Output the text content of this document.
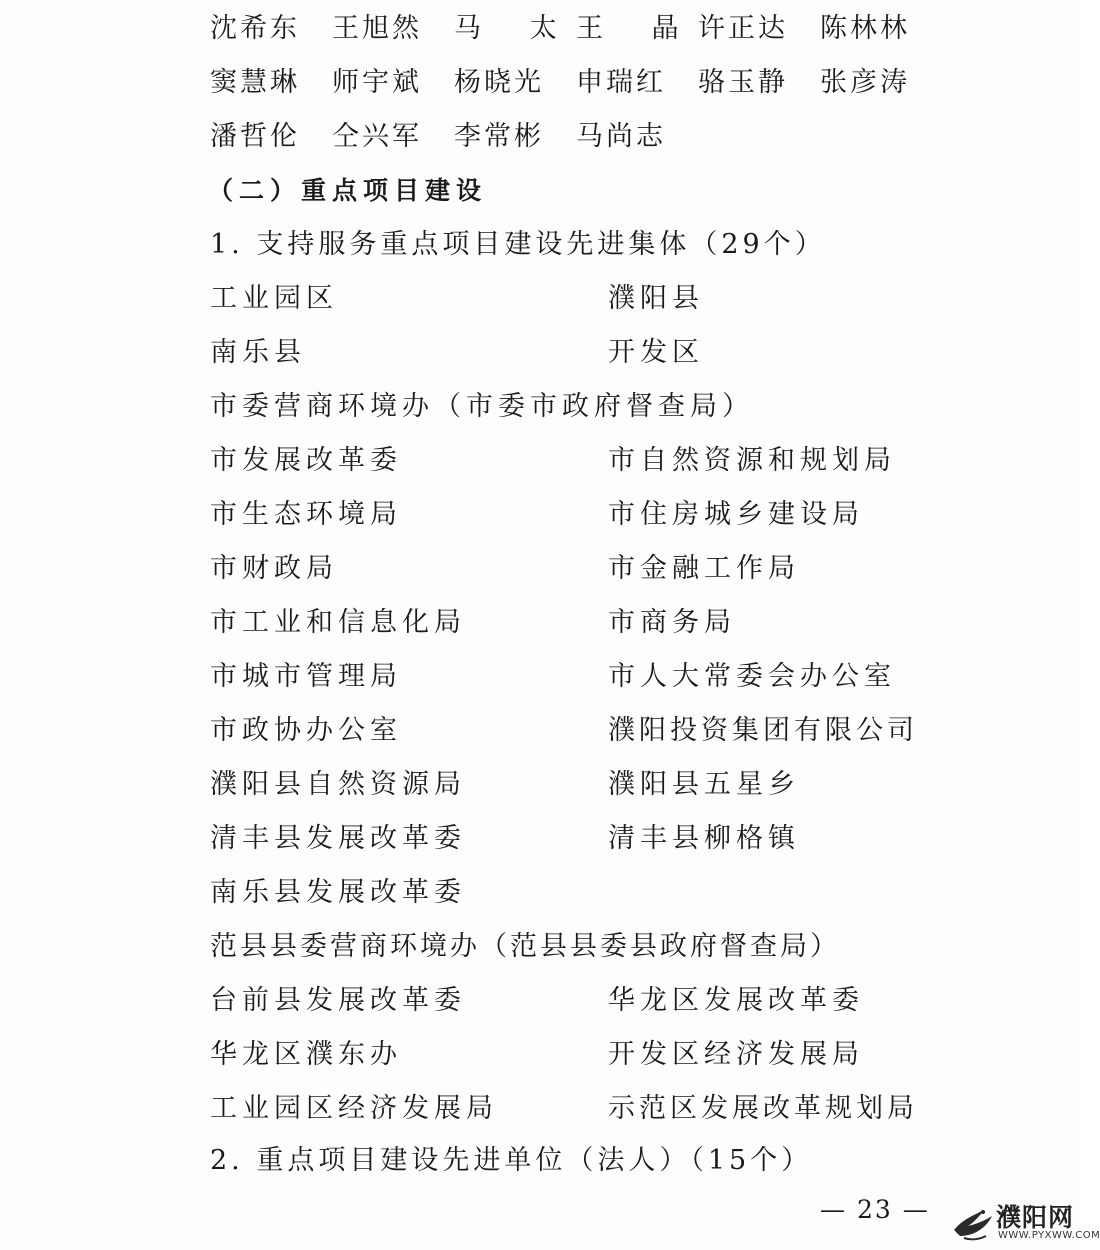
沈希东 王旭然 马 太 王 晶 许正达 陈林林
窦慧琳 师宇斌 杨晓光 申瑞红 骆玉静 张彦涛
潘哲伦 仝兴军 李常彬 马尚志
（二）重点项目建设
1. 支持服务重点项目建设先进集体（29个）
工业园区	濮阳县
南乐县	开发区
市委营商环境办（市委市政府督查局）
市发展改革委	市自然资源和规划局
市生态环境局	市住房城乡建设局
市财政局	市金融工作局
市工业和信息化局	市商务局
市城市管理局	市人大常委会办公室
市政协办公室	濮阳投资集团有限公司
濮阳县自然资源局	濮阳县五星乡
清丰县发展改革委	清丰县柳格镇
南乐县发展改革委
范县县委营商环境办（范县县委县政府督查局）
台前县发展改革委	华龙区发展改革委
华龙区濮东办	开发区经济发展局
工业园区经济发展局	示范区发展改革规划局
2. 重点项目建设先进单位（法人）（15个）
— 23 —	濮阳网
WWW.PYXWW.COM
